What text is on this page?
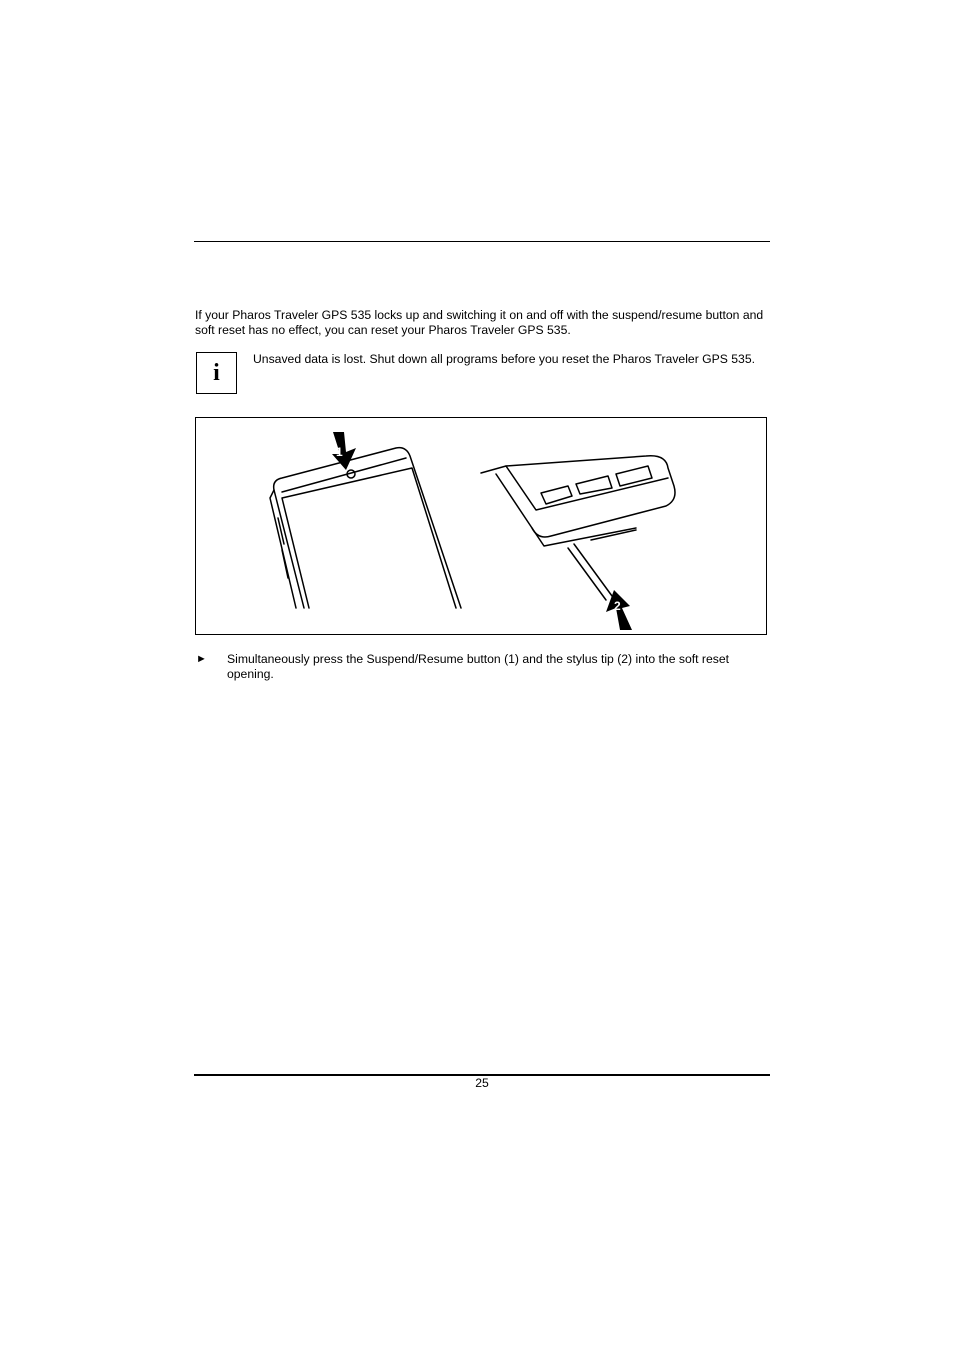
If your Pharos Traveler GPS 535 locks up and switching it on and off with the suspend/resume button and soft reset has no effect, you can reset your Pharos Traveler GPS 535.

i

Unsaved data is lost. Shut down all programs before you reset the Pharos Traveler GPS 535.

1
2
► Simultaneously press the Suspend/Resume button (1) and the stylus tip (2) into the soft reset opening.

25
